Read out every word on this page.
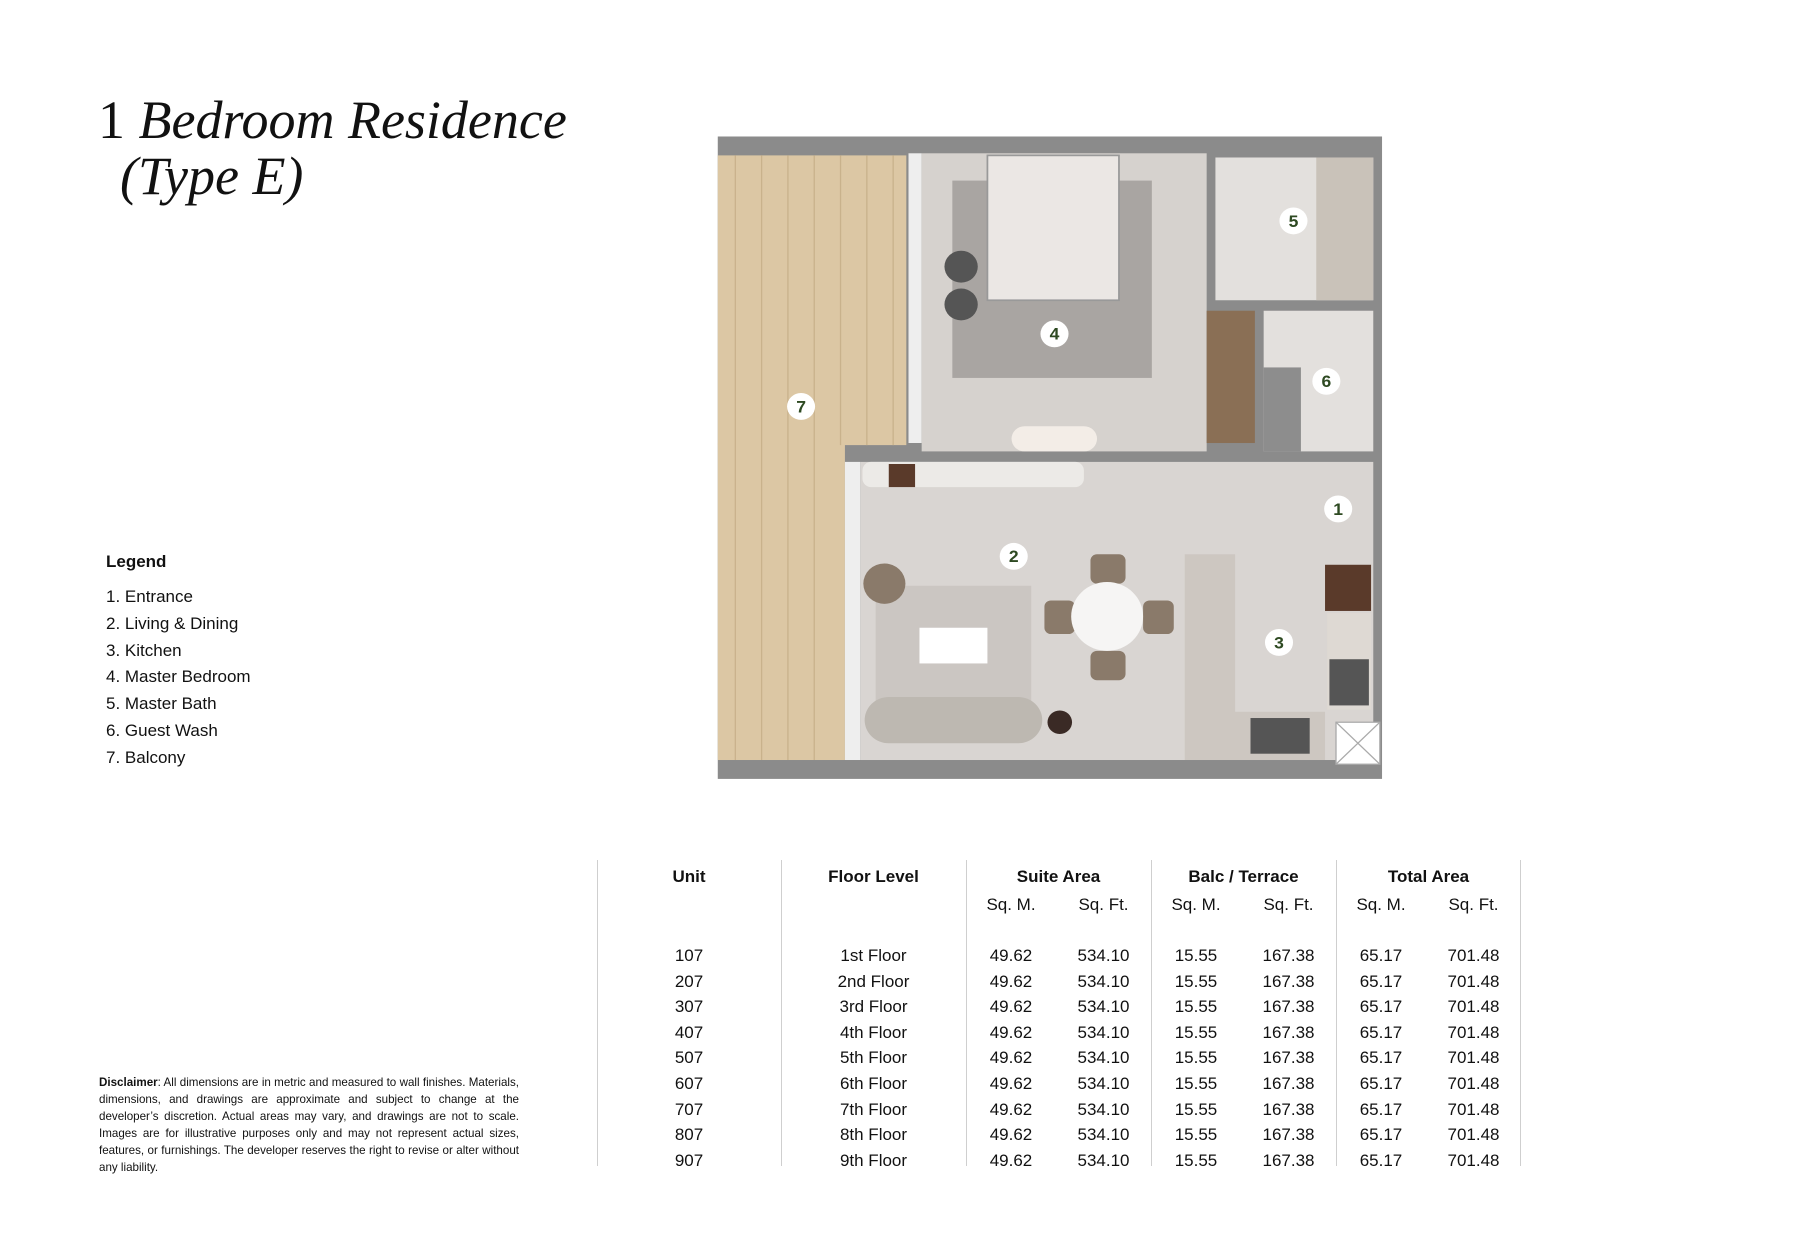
1 Bedroom Residence
(Type E)
Legend
1. Entrance
2. Living & Dining
3. Kitchen
4. Master Bedroom
5. Master Bath
6. Guest Wash
7. Balcony
Disclaimer: All dimensions are in metric and measured to wall finishes. Materials, dimensions, and drawings are approximate and subject to change at the developer’s discretion. Actual areas may vary, and drawings are not to scale. Images are for illustrative purposes only and may not represent actual sizes, features, or furnishings. The developer reserves the right to revise or alter without any liability.
1
2
3
4
5
6
7
Unit	Floor Level	Suite Area		Balc / Terrace		Total Area	
		Sq. M.	Sq. Ft.	Sq. M.	Sq. Ft.	Sq. M.	Sq. Ft.

107	1st Floor	49.62	534.10	15.55	167.38	65.17	701.48
207	2nd Floor	49.62	534.10	15.55	167.38	65.17	701.48
307	3rd Floor	49.62	534.10	15.55	167.38	65.17	701.48
407	4th Floor	49.62	534.10	15.55	167.38	65.17	701.48
507	5th Floor	49.62	534.10	15.55	167.38	65.17	701.48
607	6th Floor	49.62	534.10	15.55	167.38	65.17	701.48
707	7th Floor	49.62	534.10	15.55	167.38	65.17	701.48
807	8th Floor	49.62	534.10	15.55	167.38	65.17	701.48
907	9th Floor	49.62	534.10	15.55	167.38	65.17	701.48
